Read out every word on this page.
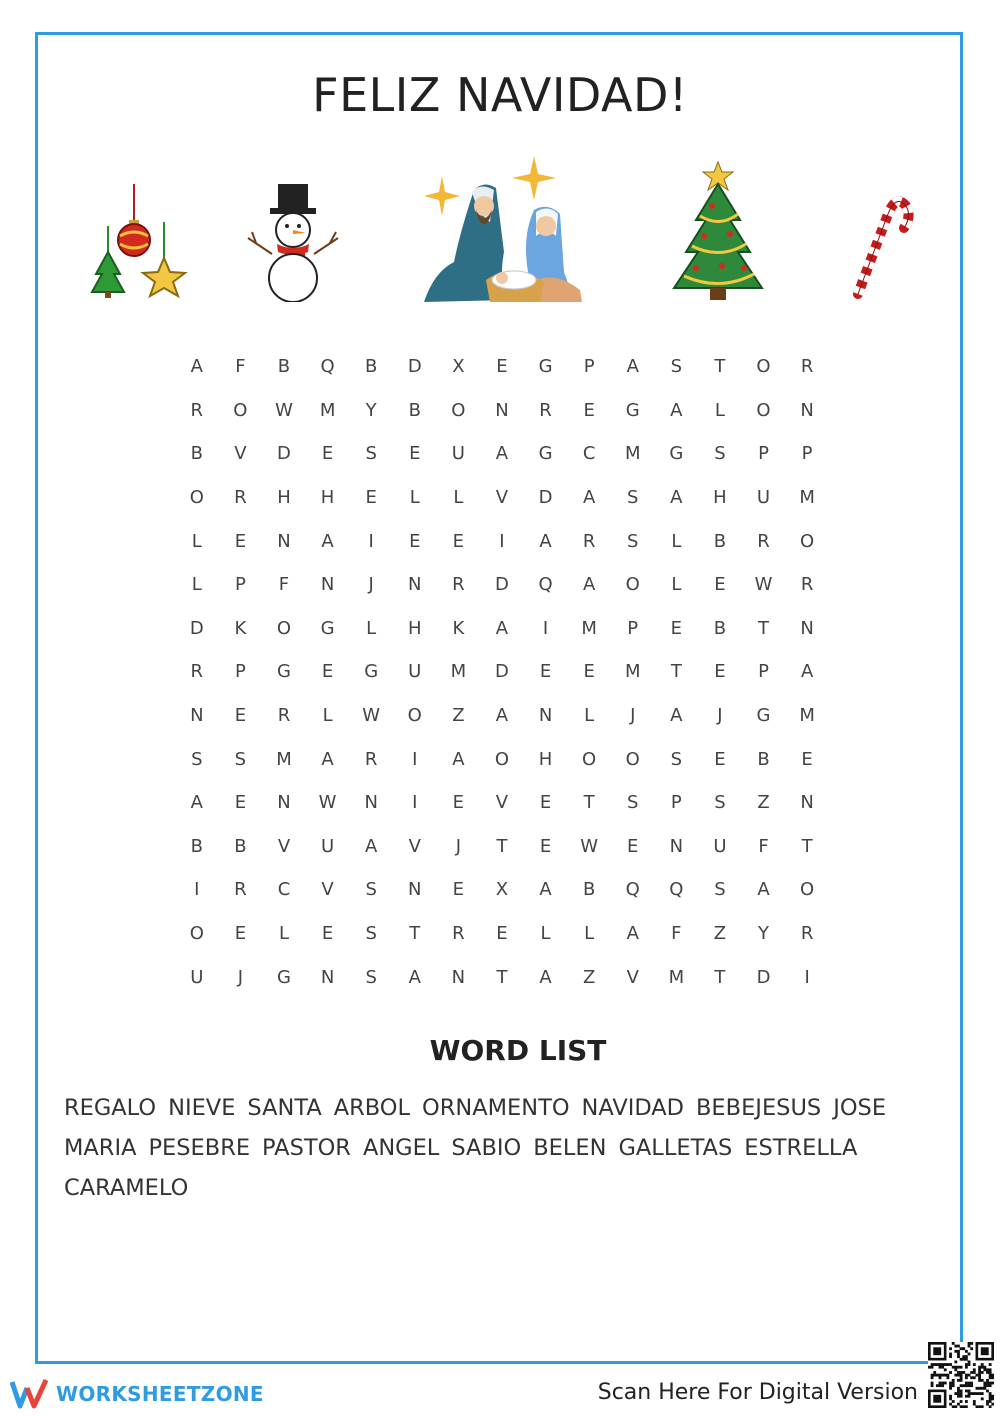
FELIZ NAVIDAD!
A	F	B	Q	B	D	X	E	G	P	A	S	T	O	R
R	O	W	M	Y	B	O	N	R	E	G	A	L	O	N
B	V	D	E	S	E	U	A	G	C	M	G	S	P	P
O	R	H	H	E	L	L	V	D	A	S	A	H	U	M
L	E	N	A	I	E	E	I	A	R	S	L	B	R	O
L	P	F	N	J	N	R	D	Q	A	O	L	E	W	R
D	K	O	G	L	H	K	A	I	M	P	E	B	T	N
R	P	G	E	G	U	M	D	E	E	M	T	E	P	A
N	E	R	L	W	O	Z	A	N	L	J	A	J	G	M
S	S	M	A	R	I	A	O	H	O	O	S	E	B	E
A	E	N	W	N	I	E	V	E	T	S	P	S	Z	N
B	B	V	U	A	V	J	T	E	W	E	N	U	F	T
I	R	C	V	S	N	E	X	A	B	Q	Q	S	A	O
O	E	L	E	S	T	R	E	L	L	A	F	Z	Y	R
U	J	G	N	S	A	N	T	A	Z	V	M	T	D	I
WORD LIST
REGALO NIEVE SANTA ARBOL ORNAMENTO NAVIDAD BEBEJESUS JOSEMARIA PESEBRE PASTOR ANGEL SABIO BELEN GALLETAS ESTRELLACARAMELO
WORKSHEETZONE	Scan Here For Digital Version
